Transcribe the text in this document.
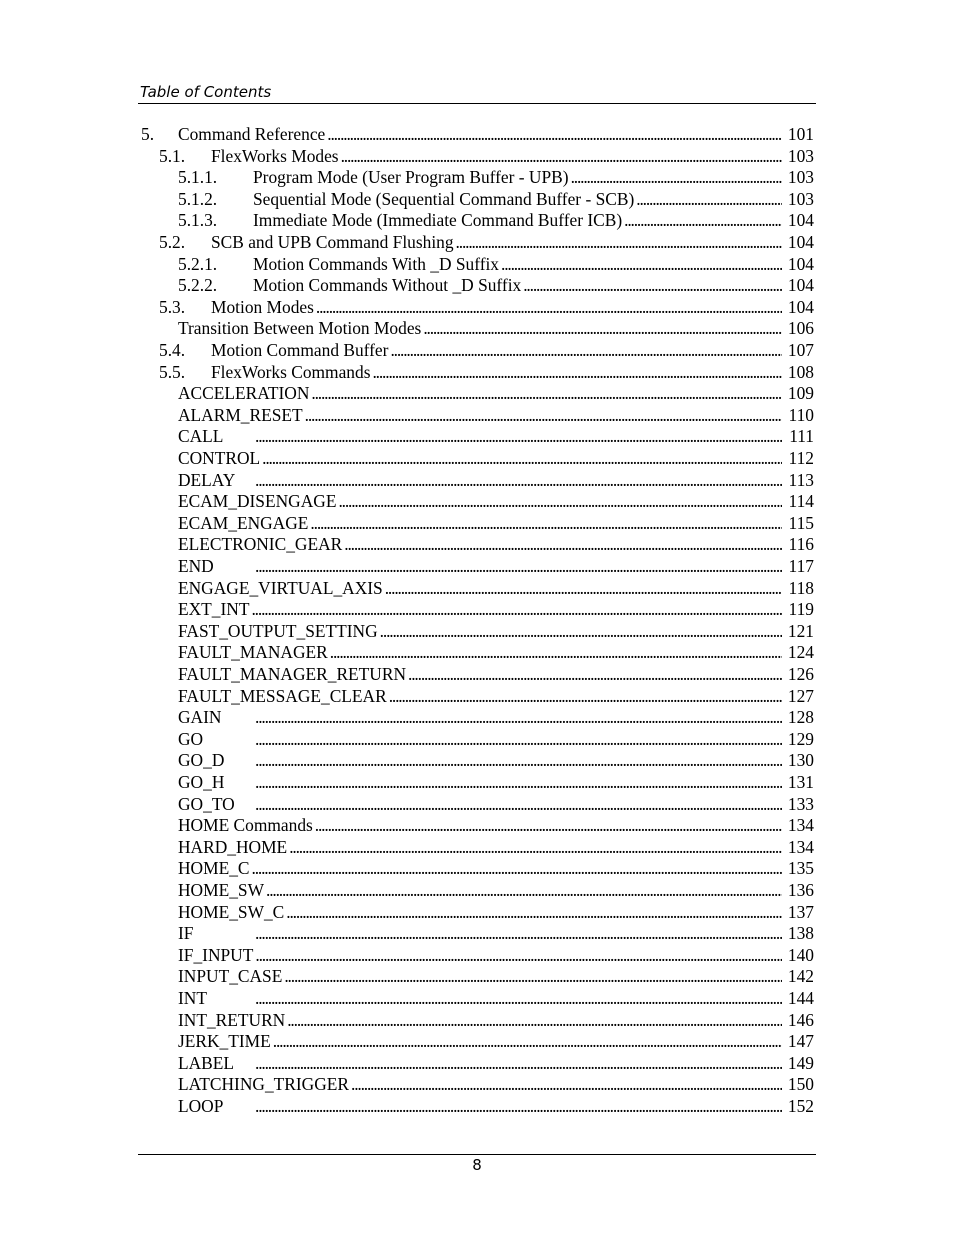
Table of Contents
5. Command Reference . . .	101
5.1. FlexWorks Modes . . .	103
5.1.1. Program Mode (User Program Buffer - UPB) . . .	103
5.1.2. Sequential Mode (Sequential Command Buffer - SCB) . . .	103
5.1.3. Immediate Mode (Immediate Command Buffer ICB) . . .	104
5.2. SCB and UPB Command Flushing . . .	104
5.2.1. Motion Commands With _D Suffix . . .	104
5.2.2. Motion Commands Without _D Suffix . . .	104
5.3. Motion Modes . . .	104
Transition Between Motion Modes . . .	106
5.4. Motion Command Buffer . . .	107
5.5. FlexWorks Commands . . .	108
ACCELERATION . . .	109
ALARM_RESET . . .	110
CALL . . .	111
CONTROL . . .	112
DELAY . . .	113
ECAM_DISENGAGE . . .	114
ECAM_ENGAGE . . .	115
ELECTRONIC_GEAR . . .	116
END . . .	117
ENGAGE_VIRTUAL_AXIS . . .	118
EXT_INT . . .	119
FAST_OUTPUT_SETTING . . .	121
FAULT_MANAGER . . .	124
FAULT_MANAGER_RETURN . . .	126
FAULT_MESSAGE_CLEAR . . .	127
GAIN . . .	128
GO . . .	129
GO_D . . .	130
GO_H . . .	131
GO_TO . . .	133
HOME Commands . . .	134
HARD_HOME . . .	134
HOME_C . . .	135
HOME_SW . . .	136
HOME_SW_C . . .	137
IF . . .	138
IF_INPUT . . .	140
INPUT_CASE . . .	142
INT . . .	144
INT_RETURN . . .	146
JERK_TIME . . .	147
LABEL . . .	149
LATCHING_TRIGGER . . .	150
LOOP . . .	152
8
